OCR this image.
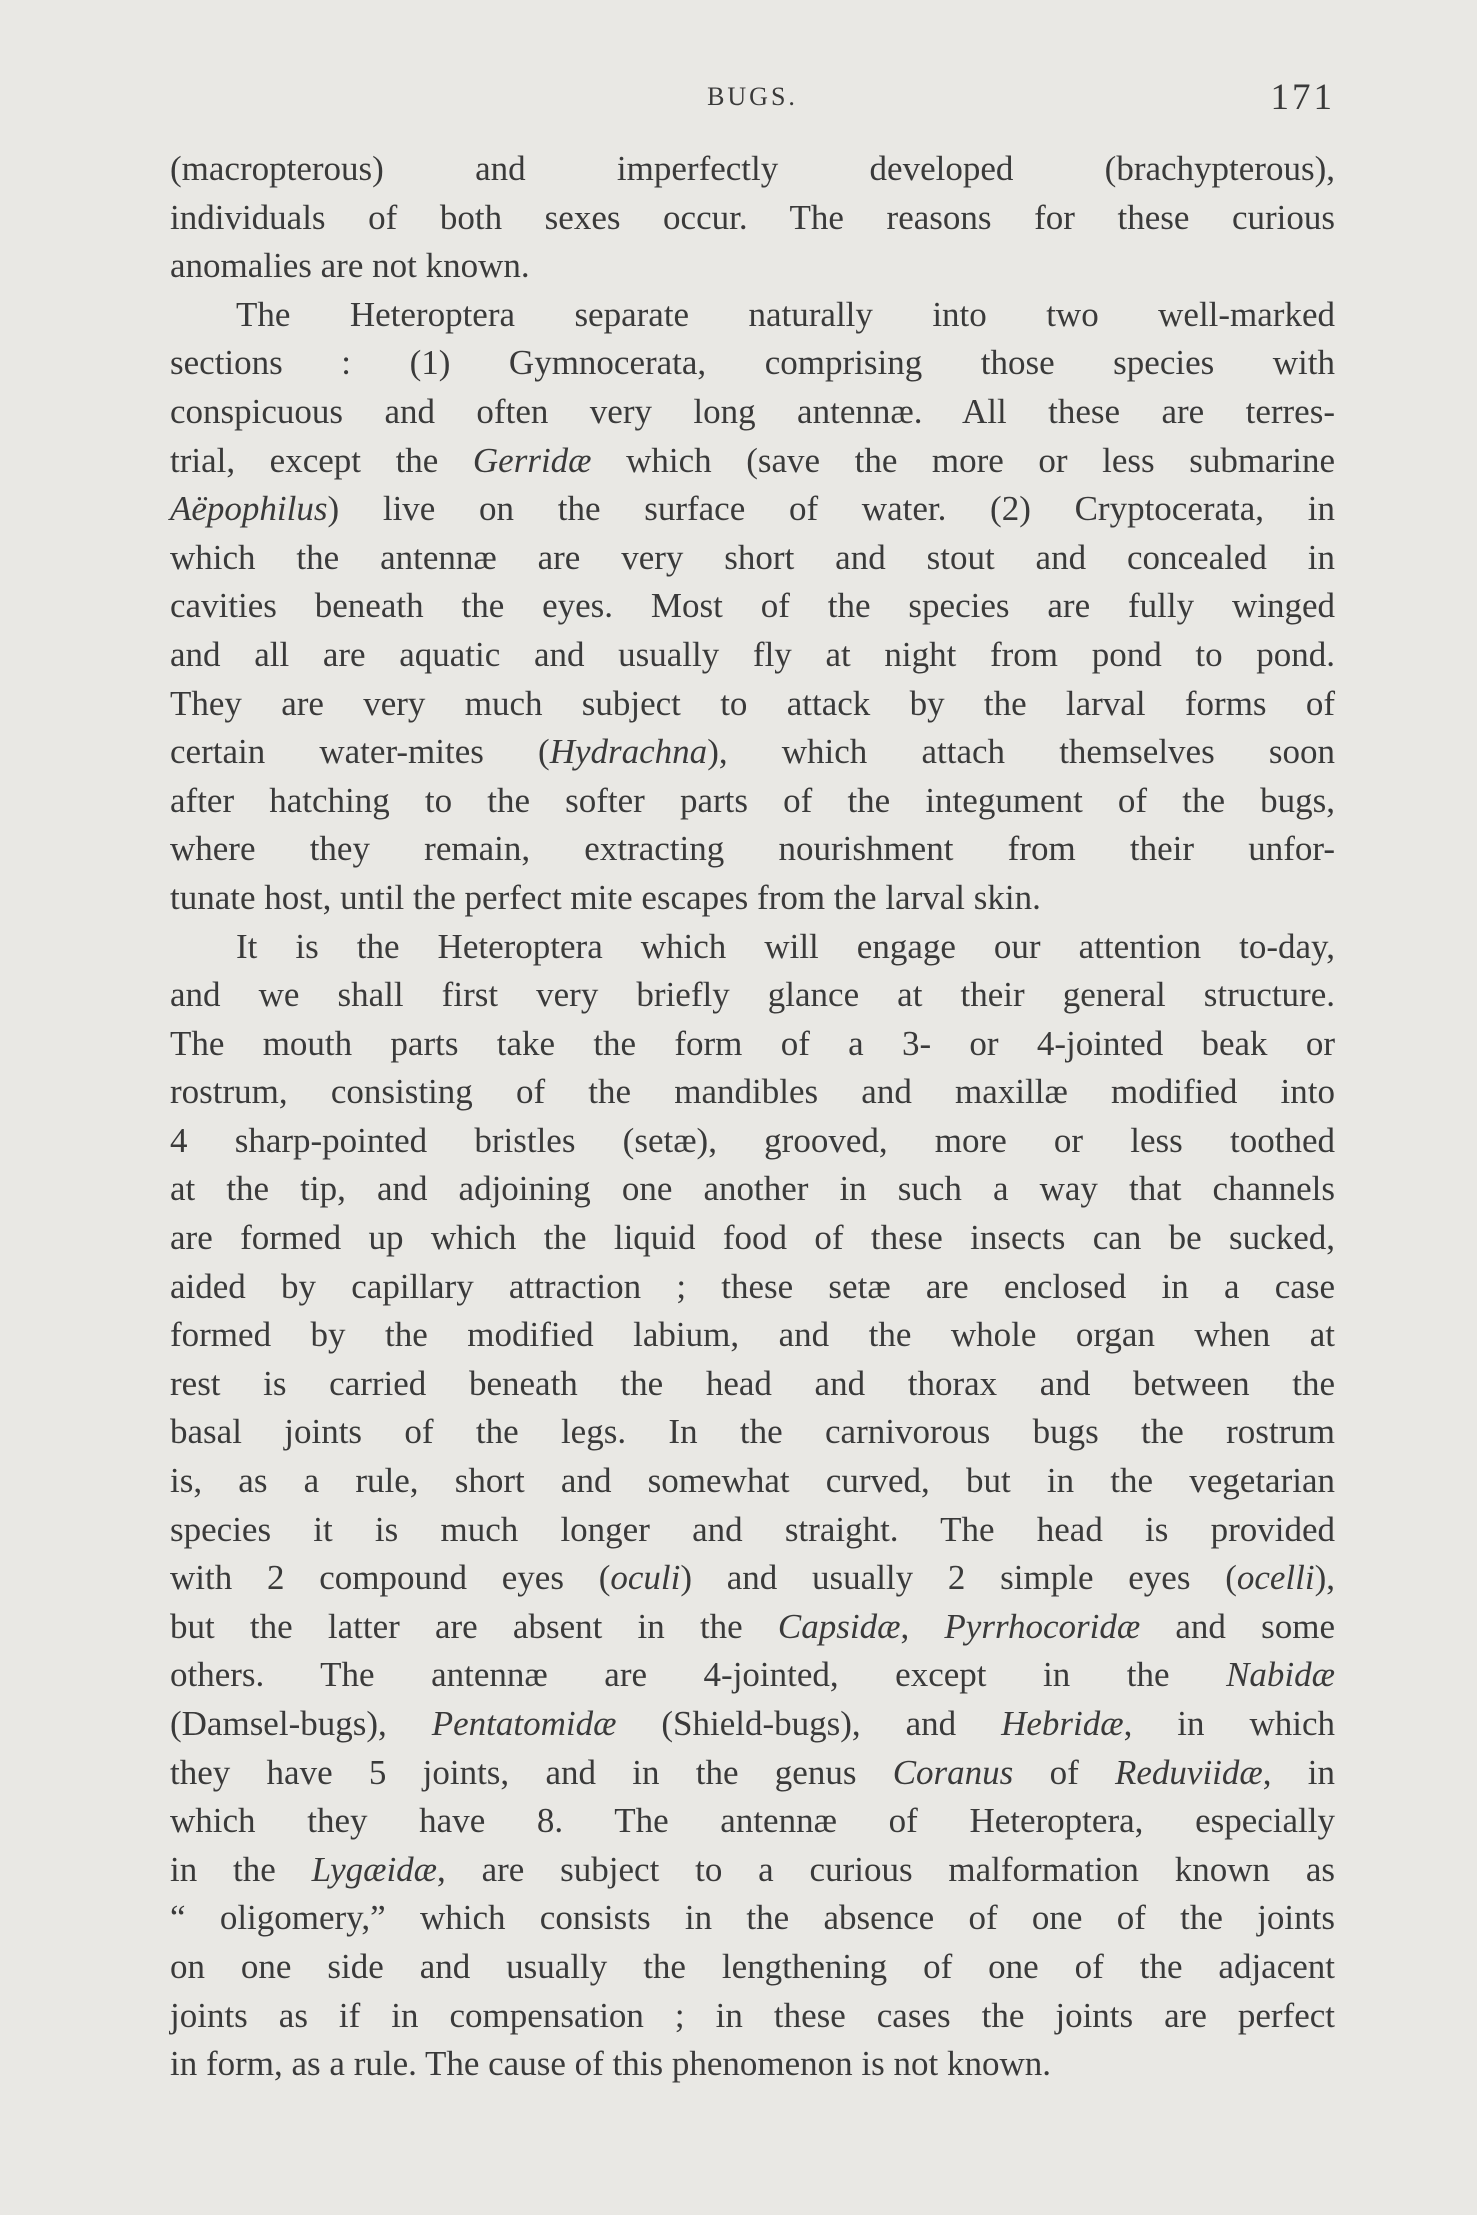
BUGS.	171
(macropterous) and imperfectly developed (brachypterous),
individuals of both sexes occur. The reasons for these curious
anomalies are not known.
The Heteroptera separate naturally into two well-marked
sections : (1) Gymnocerata, comprising those species with
conspicuous and often very long antennæ. All these are terres-
trial, except the Gerridæ which (save the more or less submarine
Aëpophilus) live on the surface of water. (2) Cryptocerata, in
which the antennæ are very short and stout and concealed in
cavities beneath the eyes. Most of the species are fully winged
and all are aquatic and usually fly at night from pond to pond.
They are very much subject to attack by the larval forms of
certain water-mites (Hydrachna), which attach themselves soon
after hatching to the softer parts of the integument of the bugs,
where they remain, extracting nourishment from their unfor-
tunate host, until the perfect mite escapes from the larval skin.
It is the Heteroptera which will engage our attention to-day,
and we shall first very briefly glance at their general structure.
The mouth parts take the form of a 3- or 4-jointed beak or
rostrum, consisting of the mandibles and maxillæ modified into
4 sharp-pointed bristles (setæ), grooved, more or less toothed
at the tip, and adjoining one another in such a way that channels
are formed up which the liquid food of these insects can be sucked,
aided by capillary attraction ; these setæ are enclosed in a case
formed by the modified labium, and the whole organ when at
rest is carried beneath the head and thorax and between the
basal joints of the legs. In the carnivorous bugs the rostrum
is, as a rule, short and somewhat curved, but in the vegetarian
species it is much longer and straight. The head is provided
with 2 compound eyes (oculi) and usually 2 simple eyes (ocelli),
but the latter are absent in the Capsidæ, Pyrrhocoridæ and some
others. The antennæ are 4-jointed, except in the Nabidæ
(Damsel-bugs), Pentatomidæ (Shield-bugs), and Hebridæ, in which
they have 5 joints, and in the genus Coranus of Reduviidæ, in
which they have 8. The antennæ of Heteroptera, especially
in the Lygæidæ, are subject to a curious malformation known as
“ oligomery,” which consists in the absence of one of the joints
on one side and usually the lengthening of one of the adjacent
joints as if in compensation ; in these cases the joints are perfect
in form, as a rule. The cause of this phenomenon is not known.
